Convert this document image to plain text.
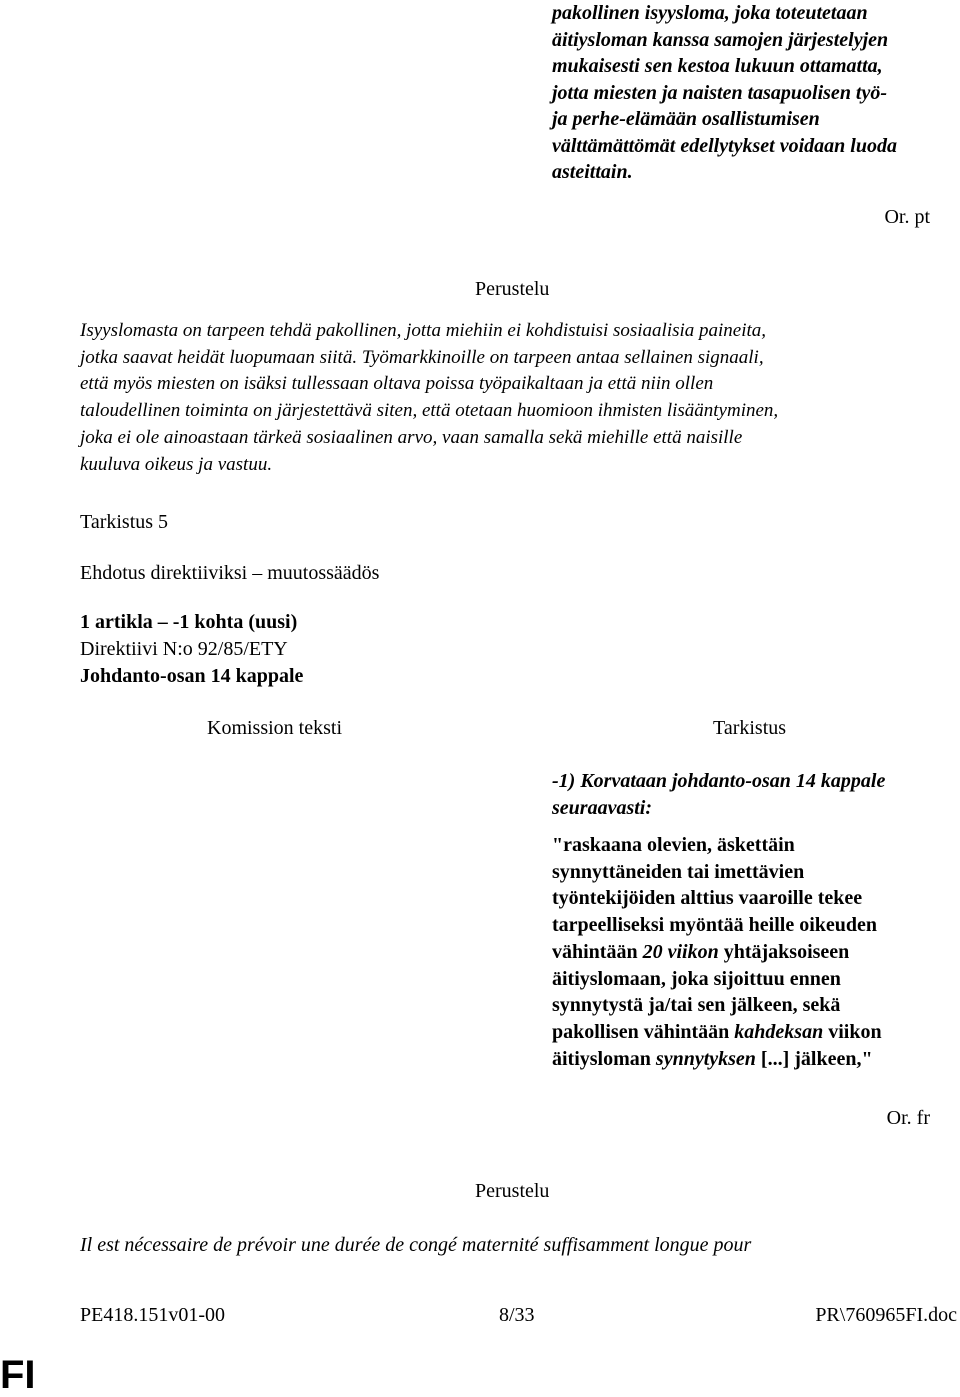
pakollinen isyysloma, joka toteutetaan
äitiysloman kanssa samojen järjestelyjen
mukaisesti sen kestoa lukuun ottamatta,
jotta miesten ja naisten tasapuolisen työ-
ja perhe-elämään osallistumisen
välttämättömät edellytykset voidaan luoda
asteittain.
Or. pt
Perustelu
Isyyslomasta on tarpeen tehdä pakollinen, jotta miehiin ei kohdistuisi sosiaalisia paineita,
jotka saavat heidät luopumaan siitä. Työmarkkinoille on tarpeen antaa sellainen signaali,
että myös miesten on isäksi tullessaan oltava poissa työpaikaltaan ja että niin ollen
taloudellinen toiminta on järjestettävä siten, että otetaan huomioon ihmisten lisääntyminen,
joka ei ole ainoastaan tärkeä sosiaalinen arvo, vaan samalla sekä miehille että naisille
kuuluva oikeus ja vastuu.
Tarkistus 5
Ehdotus direktiiviksi – muutossäädös
1 artikla – -1 kohta (uusi)
Direktiivi N:o 92/85/ETY
Johdanto-osan 14 kappale
Komission teksti	Tarkistus
-1) Korvataan johdanto-osan 14 kappale
seuraavasti:
"raskaana olevien, äskettäin
synnyttäneiden tai imettävien
työntekijöiden alttius vaaroille tekee
tarpeelliseksi myöntää heille oikeuden
vähintään 20 viikon yhtäjaksoiseen
äitiyslomaan, joka sijoittuu ennen
synnytystä ja/tai sen jälkeen, sekä
pakollisen vähintään kahdeksan viikon
äitiysloman synnytyksen [...] jälkeen,"
Or. fr
Perustelu
Il est nécessaire de prévoir une durée de congé maternité suffisamment longue pour
PE418.151v01-00	8/33	PR\760965FI.doc
FI
